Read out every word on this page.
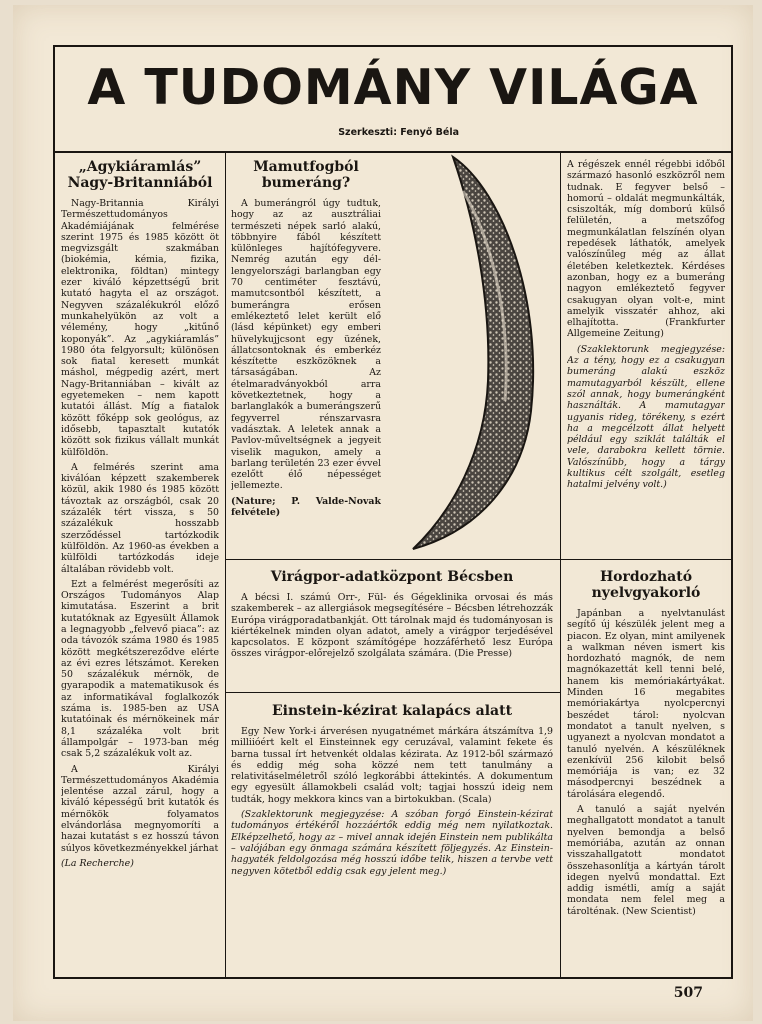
A TUDOMÁNY VILÁGA
Szerkeszti: Fenyő Béla
„Agykiáramlás” Nagy-Britanniából

Nagy-Britannia Királyi Természettudományos Akadémiájának felmérése szerint 1975 és 1985 között öt megvizsgált szakmában (biokémia, kémia, fizika, elektronika, földtan) mintegy ezer kiváló képzettségű brit kutató hagyta el az országot. Negyven százalékukról előző munkahelyükön az volt a vélemény, hogy „kitűnő koponyák”. Az „agykiáramlás” 1980 óta felgyorsult; különösen sok fiatal keresett munkát máshol, mégpedig azért, mert Nagy-Britanniában – kivált az egyetemeken – nem kapott kutatói állást. Míg a fiatalok között főképp sok geológus, az idősebb, tapasztalt kutatók között sok fizikus vállalt munkát külföldön.

A felmérés szerint ama kiválóan képzett szakemberek közül, akik 1980 és 1985 között távoztak az országból, csak 20 százalék tért vissza, s 50 százalékuk hosszabb szerződéssel tartózkodik külföldön. Az 1960-as években a külföldi tartózkodás ideje általában rövidebb volt.

Ezt a felmérést megerősíti az Országos Tudományos Alap kimutatása. Eszerint a brit kutatóknak az Egyesült Államok a legnagyobb „felvevő piaca”: az oda távozók száma 1980 és 1985 között megkétszereződve elérte az évi ezres létszámot. Kereken 50 százalékuk mérnök, de gyarapodik a matematikusok és az informatikával foglalkozók száma is. 1985-ben az USA kutatóinak és mérnökeinek már 8,1 százaléka volt brit állampolgár – 1973-ban még csak 5,2 százalékuk volt az.

A Királyi Természettudományos Akadémia jelentése azzal zárul, hogy a kiváló képességű brit kutatók és mérnökök folyamatos elvándorlása megnyomoríti a hazai kutatást s ez hosszú távon súlyos következményekkel járhat

(La Recherche)

Mamutfogból bumeráng?

A bumerángról úgy tudtuk, hogy az az ausztráliai természeti népek sarló alakú, többnyire fából készített különleges hajítófegyvere. Nemrég azután egy dél-lengyelországi barlangban egy 70 centiméter fesztávú, mamutcsontból készített, a bumerángra erősen emlékeztető lelet került elő (lásd képünket) egy emberi hüvelykujjcsont egy üzének, állatcsontoknak és emberkéz készítette eszközöknek a társaságában. Az ételmaradványokból arra következtetnek, hogy a barlanglakók a bumerángszerű fegyverrel rénszarvasra vadásztak. A leletek annak a Pavlov-műveltségnek a jegyeit viselik magukon, amely a barlang területén 23 ezer évvel ezelőtt élő népességet jellemezte.

(Nature; P. Valde-Novak felvétele)

A régészek ennél régebbi időből származó hasonló eszközről nem tudnak. E fegyver belső – homorú – oldalát megmunkálták, csiszolták, míg domború külső felületén, a metszőfog megmunkálatlan felszínén olyan repedések láthatók, amelyek valószínűleg még az állat életében keletkeztek. Kérdéses azonban, hogy ez a bumeráng nagyon emlékeztető fegyver csakugyan olyan volt-e, mint amelyik visszatér ahhoz, aki elhajította. (Frankfurter Allgemeine Zeitung)

(Szaklektorunk megjegyzése: Az a tény, hogy ez a csakugyan bumeráng alakú eszköz mamutagyarból készült, ellene szól annak, hogy bumerángként használták. A mamutagyar ugyanis rideg, törékeny, s ezért ha a megcélzott állat helyett például egy sziklát találták el vele, darabokra kellett törnie. Valószínűbb, hogy a tárgy kultikus célt szolgált, esetleg hatalmi jelvény volt.)

Virágpor-adatközpont Bécsben

A bécsi I. számú Orr-, Fül- és Gégeklinika orvosai és más szakemberek – az allergiások megsegítésére – Bécsben létrehozzák Európa virágporadatbankját. Ott tárolnak majd és tudományosan is kiértékelnek minden olyan adatot, amely a virágpor terjedésével kapcsolatos. E központ számítógépe hozzáférhető lesz Európa összes virágpor-előrejelző szolgálata számára. (Die Presse)

Einstein-kézirat kalapács alatt

Egy New York-i árverésen nyugatnémet márkára átszámítva 1,9 milliióért kelt el Einsteinnek egy ceruzával, valamint fekete és barna tussal írt hetvenkét oldalas kézirata. Az 1912-ből származó és eddig még soha közzé nem tett tanulmány a relativitáselméletről szóló legkorábbi áttekintés. A dokumentum egy egyesült államokbeli család volt; tagjai hosszú ideig nem tudták, hogy mekkora kincs van a birtokukban. (Scala)

(Szaklektorunk megjegyzése: A szóban forgó Einstein-kézirat tudományos értékéről hozzáértők eddig még nem nyilatkoztak. Elképzelhető, hogy az – mivel annak idején Einstein nem publikálta – valójában egy önmaga számára készített följegyzés. Az Einstein-hagyaték feldolgozása még hosszú időbe telik, hiszen a tervbe vett negyven kötetből eddig csak egy jelent meg.)

Hordozható nyelvgyakorló

Japánban a nyelvtanulást segítő új készülék jelent meg a piacon. Ez olyan, mint amilyenek a walkman néven ismert kis hordozható magnók, de nem magnókazettát kell tenni belé, hanem kis memóriakártyákat. Minden 16 megabites memóriakártya nyolcpercnyi beszédet tárol: nyolcvan mondatot a tanult nyelven, s ugyanezt a nyolcvan mondatot a tanuló nyelvén. A készüléknek ezenkívül 256 kilobit belső memóriája is van; ez 32 másodpercnyi beszédnek a tárolására elegendő.

A tanuló a saját nyelvén meghallgatott mondatot a tanult nyelven bemondja a belső memóriába, azután az onnan visszahallgatott mondatot összehasonlítja a kártyán tárolt idegen nyelvű mondattal. Ezt addig ismétli, amíg a saját mondata nem felel meg a tárolténak. (New Scientist)

507
